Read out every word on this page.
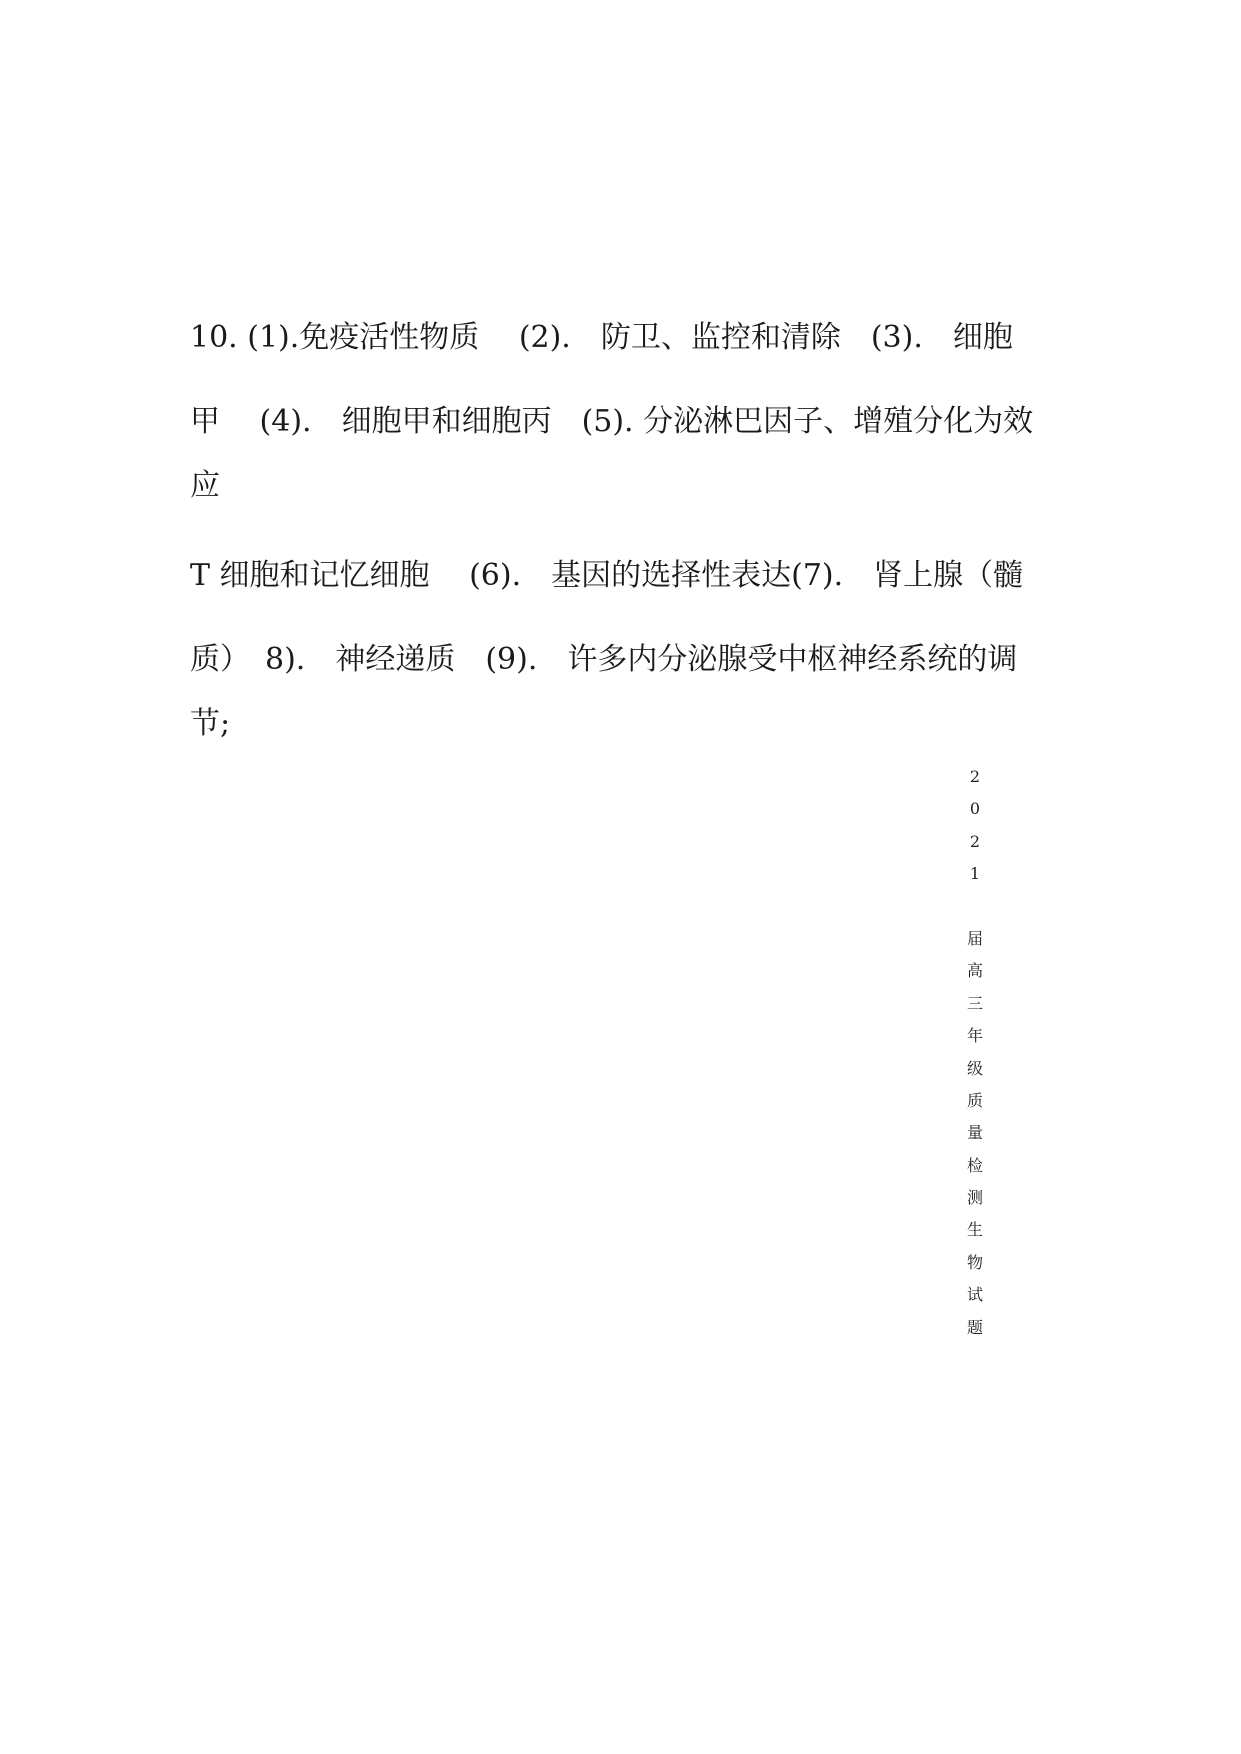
10. (1).免疫活性物质　 (2).　防卫、监控和清除　(3).　细胞

甲　 (4).　细胞甲和细胞丙　(5). 分泌淋巴因子、增殖分化为效

应

T 细胞和记忆细胞　 (6).　基因的选择性表达(7).　肾上腺（髓

质）　8).　神经递质　(9).　许多内分泌腺受中枢神经系统的调

节;

2
0
2
1
届
高
三
年
级
质
量
检
测
生
物
试
题
